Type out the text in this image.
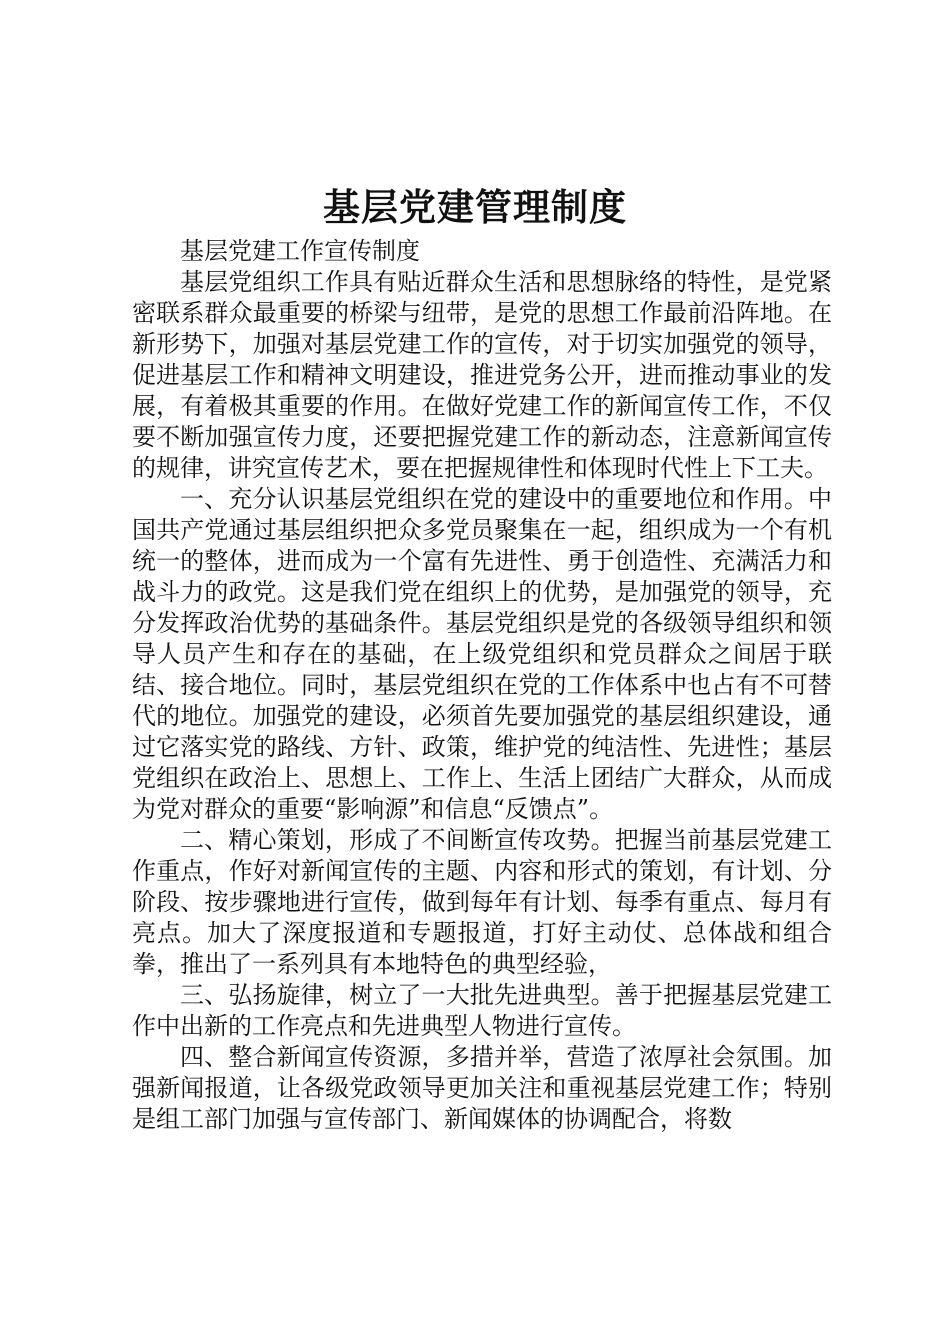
基层党建管理制度

基层党建工作宣传制度

基层党组织工作具有贴近群众生活和思想脉络的特性，是党紧密联系群众最重要的桥梁与纽带，是党的思想工作最前沿阵地。在新形势下，加强对基层党建工作的宣传，对于切实加强党的领导，促进基层工作和精神文明建设，推进党务公开，进而推动事业的发展，有着极其重要的作用。在做好党建工作的新闻宣传工作，不仅要不断加强宣传力度，还要把握党建工作的新动态，注意新闻宣传的规律，讲究宣传艺术，要在把握规律性和体现时代性上下工夫。

一、充分认识基层党组织在党的建设中的重要地位和作用。中国共产党通过基层组织把众多党员聚集在一起，组织成为一个有机统一的整体，进而成为一个富有先进性、勇于创造性、充满活力和战斗力的政党。这是我们党在组织上的优势，是加强党的领导，充分发挥政治优势的基础条件。基层党组织是党的各级领导组织和领导人员产生和存在的基础，在上级党组织和党员群众之间居于联结、接合地位。同时，基层党组织在党的工作体系中也占有不可替代的地位。加强党的建设，必须首先要加强党的基层组织建设，通过它落实党的路线、方针、政策，维护党的纯洁性、先进性；基层党组织在政治上、思想上、工作上、生活上团结广大群众，从而成为党对群众的重要“影响源”和信息“反馈点”。

二、精心策划，形成了不间断宣传攻势。把握当前基层党建工作重点，作好对新闻宣传的主题、内容和形式的策划，有计划、分阶段、按步骤地进行宣传，做到每年有计划、每季有重点、每月有亮点。加大了深度报道和专题报道，打好主动仗、总体战和组合拳，推出了一系列具有本地特色的典型经验，

三、弘扬旋律，树立了一大批先进典型。善于把握基层党建工作中出新的工作亮点和先进典型人物进行宣传。

四、整合新闻宣传资源，多措并举，营造了浓厚社会氛围。加强新闻报道，让各级党政领导更加关注和重视基层党建工作；特别是组工部门加强与宣传部门、新闻媒体的协调配合，将数
